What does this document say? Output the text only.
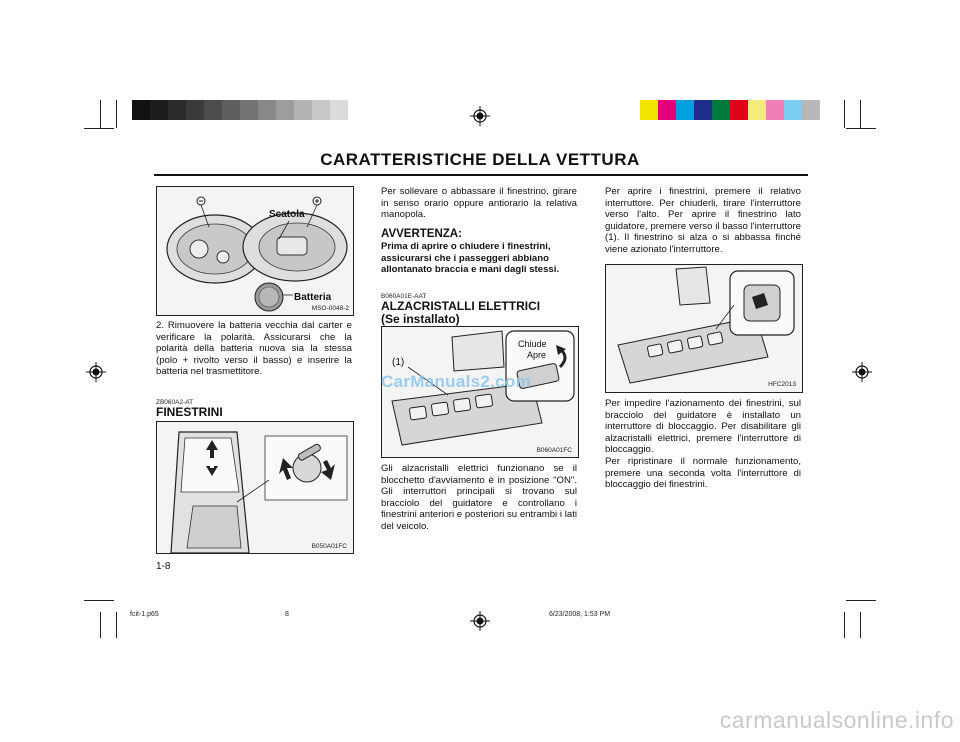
CARATTERISTICHE DELLA VETTURA
Scatola
Batteria
MSO-0048-2
2. Rimuovere la batteria vecchia dal carter e verificare la polarità. Assicurarsi che la polarità della batteria nuova sia la stessa (polo + rivolto verso il basso) e inserire la batteria nel trasmettitore.
ZB060A2-AT
FINESTRINI
B050A01FC
Per sollevare o abbassare il finestrino, girare in senso orario oppure antiorario la relativa manopola.
AVVERTENZA:
Prima di aprire o chiudere i finestrini, assicurarsi che i passeggeri abbiano allontanato braccia e mani dagli stessi.
B060A01E-AAT
ALZACRISTALLI ELETTRICI
(Se installato)
Chiude
Apre
(1)
B060A01FC
Gli alzacristalli elettrici funzionano se il blocchetto d'avviamento è in posizione "ON". Gli interruttori principali si trovano sul bracciolo del guidatore e controllano i finestrini anteriori e posteriori su entrambi i lati del veicolo.
Per aprire i finestrini, premere il relativo interruttore. Per chiuderli, tirare l'interruttore verso l'alto. Per aprire il finestrino lato guidatore, premere verso il basso l'interruttore (1). Il finestrino si alza o si abbassa finché viene azionato l'interruttore.
HFC2013
Per impedire l'azionamento dei finestrini, sul bracciolo del guidatore è installato un interruttore di bloccaggio. Per disabilitare gli alzacristalli elettrici, premere l'interruttore di bloccaggio.
Per ripristinare il normale funzionamento, premere una seconda volta l'interruttore di bloccaggio dei finestrini.
1-8
fcit-1.p65	8	6/23/2008, 1:53 PM
CarManuals2.com
carmanualsonline.info
